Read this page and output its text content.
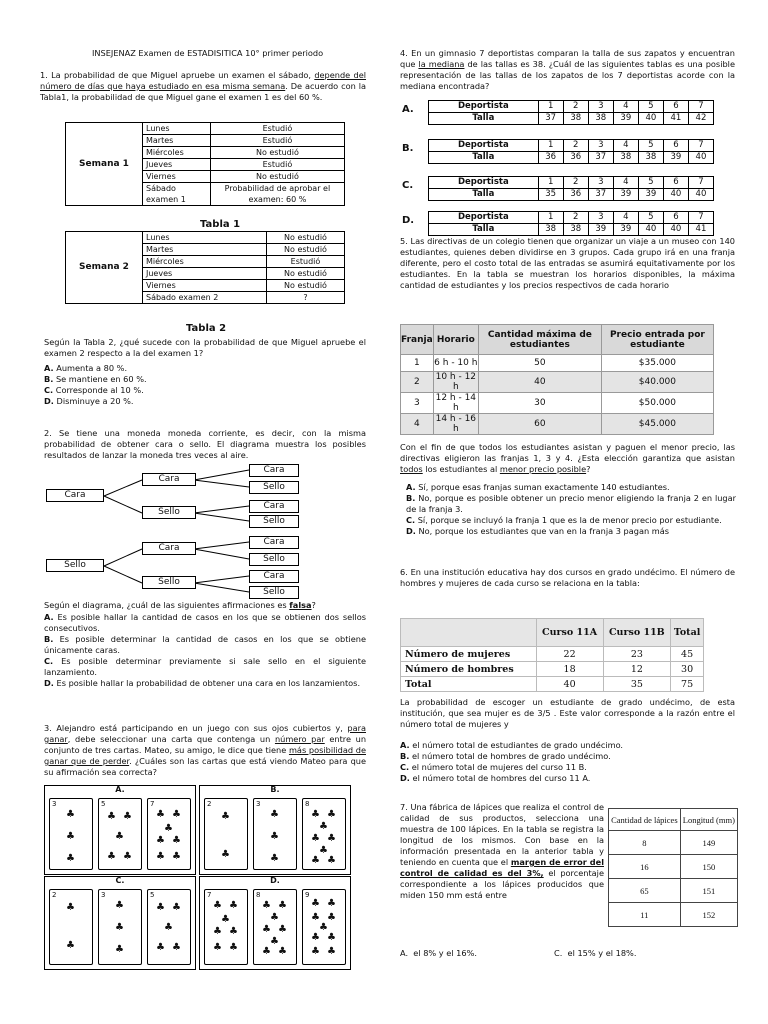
INSEJENAZ Examen de ESTADISITICA 10° primer periodo

1. La probabilidad de que Miguel apruebe un examen el sábado, depende del número de días que haya estudiado en esa misma semana. De acuerdo con la Tabla1, la probabilidad de que Miguel gane el examen 1 es del 60 %.

Semana 1	Lunes	Estudió
	Martes	Estudió
	Miércoles	No estudió
	Jueves	Estudió
	Viernes	No estudió
	Sábado examen 1	Probabilidad de aprobar el examen: 60 %
Tabla 1
Semana 2	Lunes	No estudió
	Martes	No estudió
	Miércoles	Estudió
	Jueves	No estudió
	Viernes	No estudió
	Sábado examen 2	?
Tabla 2

Según la Tabla 2, ¿qué sucede con la probabilidad de que Miguel apruebe el examen 2 respecto a la del examen 1?

A. Aumenta a 80 %.
B. Se mantiene en 60 %.
C. Corresponde al 10 %.
D. Disminuye a 20 %.

2. Se tiene una moneda moneda corriente, es decir, con la misma probabilidad de obtener cara o sello. El diagrama muestra los posibles resultados de lanzar la moneda tres veces al aire.

Cara
Sello
Cara
Sello
Cara
Sello
Cara
Sello
Cara
Sello
Cara
Sello
Cara
Sello

Según el diagrama, ¿cuál de las siguientes afirmaciones es falsa?

A. Es posible hallar la cantidad de casos en los que se obtienen dos sellos consecutivos.
B. Es posible determinar la cantidad de casos en los que se obtiene únicamente caras.
C. Es posible determinar previamente si sale sello en el siguiente lanzamiento.
D. Es posible hallar la probabilidad de obtener una cara en los lanzamientos.

3. Alejandro está participando en un juego con sus ojos cubiertos y, para ganar, debe seleccionar una carta que contenga un número par entre un conjunto de tres cartas. Mateo, su amigo, le dice que tiene más posibilidad de ganar que de perder. ¿Cuáles son las cartas que está viendo Mateo para que su afirmación sea correcta?

A.
3
♣
♣
♣
5
♣ ♣
♣
♣ ♣
7
♣ ♣
♣
♣ ♣
♣ ♣
B.
2
♣
♣
3
♣
♣
♣
8
♣ ♣
♣
♣ ♣
♣
♣ ♣
C.
2
♣
♣
3
♣
♣
♣
5
♣ ♣
♣
♣ ♣
D.
7
♣ ♣
♣
♣ ♣
♣ ♣
8
♣ ♣
♣
♣ ♣
♣
♣ ♣
9
♣ ♣
♣ ♣
♣
♣ ♣
♣ ♣

4. En un gimnasio 7 deportistas comparan la talla de sus zapatos y encuentran que la mediana de las tallas es 38. ¿Cuál de las siguientes tablas es una posible representación de las tallas de los zapatos de los 7 deportistas acorde con la mediana encontrada?

A.	Deportista	1	2	3	4	5	6	7
Talla	37	38	38	39	40	41	42
B.	Deportista	1	2	3	4	5	6	7
Talla	36	36	37	38	38	39	40
C.	Deportista	1	2	3	4	5	6	7
Talla	35	36	37	39	39	40	40
D.	Deportista	1	2	3	4	5	6	7
Talla	38	38	39	39	40	40	41

5. Las directivas de un colegio tienen que organizar un viaje a un museo con 140 estudiantes, quienes deben dividirse en 3 grupos. Cada grupo irá en una franja diferente, pero el costo total de las entradas se asumirá equitativamente por los estudiantes. En la tabla se muestran los horarios disponibles, la máxima cantidad de estudiantes y los precios respectivos de cada horario

Franja	Horario	Cantidad máxima de estudiantes	Precio entrada por estudiante
1	6 h - 10 h	50	$35.000
2	10 h - 12 h	40	$40.000
3	12 h - 14 h	30	$50.000
4	14 h - 16 h	60	$45.000

Con el fin de que todos los estudiantes asistan y paguen el menor precio, las directivas eligieron las franjas 1, 3 y 4. ¿Esta elección garantiza que asistan todos los estudiantes al menor precio posible?

A. Sí, porque esas franjas suman exactamente 140 estudiantes.
B. No, porque es posible obtener un precio menor eligiendo la franja 2 en lugar de la franja 3.
C. Sí, porque se incluyó la franja 1 que es la de menor precio por estudiante.
D. No, porque los estudiantes que van en la franja 3 pagan más

6. En una institución educativa hay dos cursos en grado undécimo. El número de hombres y mujeres de cada curso se relaciona en la tabla:

	Curso 11A	Curso 11B	Total
Número de mujeres	22	23	45
Número de hombres	18	12	30
Total	40	35	75

La probabilidad de escoger un estudiante de grado undécimo, de esta institución, que sea mujer es de 3/5 . Este valor corresponde a la razón entre el número total de mujeres y

A. el número total de estudiantes de grado undécimo.
B. el número total de hombres de grado undécimo.
C. el número total de mujeres del curso 11 B.
D. el número total de hombres del curso 11 A.

7. Una fábrica de lápices que realiza el control de calidad de sus productos, selecciona una muestra de 100 lápices. En la tabla se registra la longitud de los mismos. Con base en la información presentada en la anterior tabla y teniendo en cuenta que el margen de error del control de calidad es del 3%, el porcentaje correspondiente a los lápices producidos que miden 150 mm está entre

Cantidad de lápices	Longitud (mm)
8	149
16	150
65	151
11	152
A. el 8% y el 16%.	C. el 15% y el 18%.
